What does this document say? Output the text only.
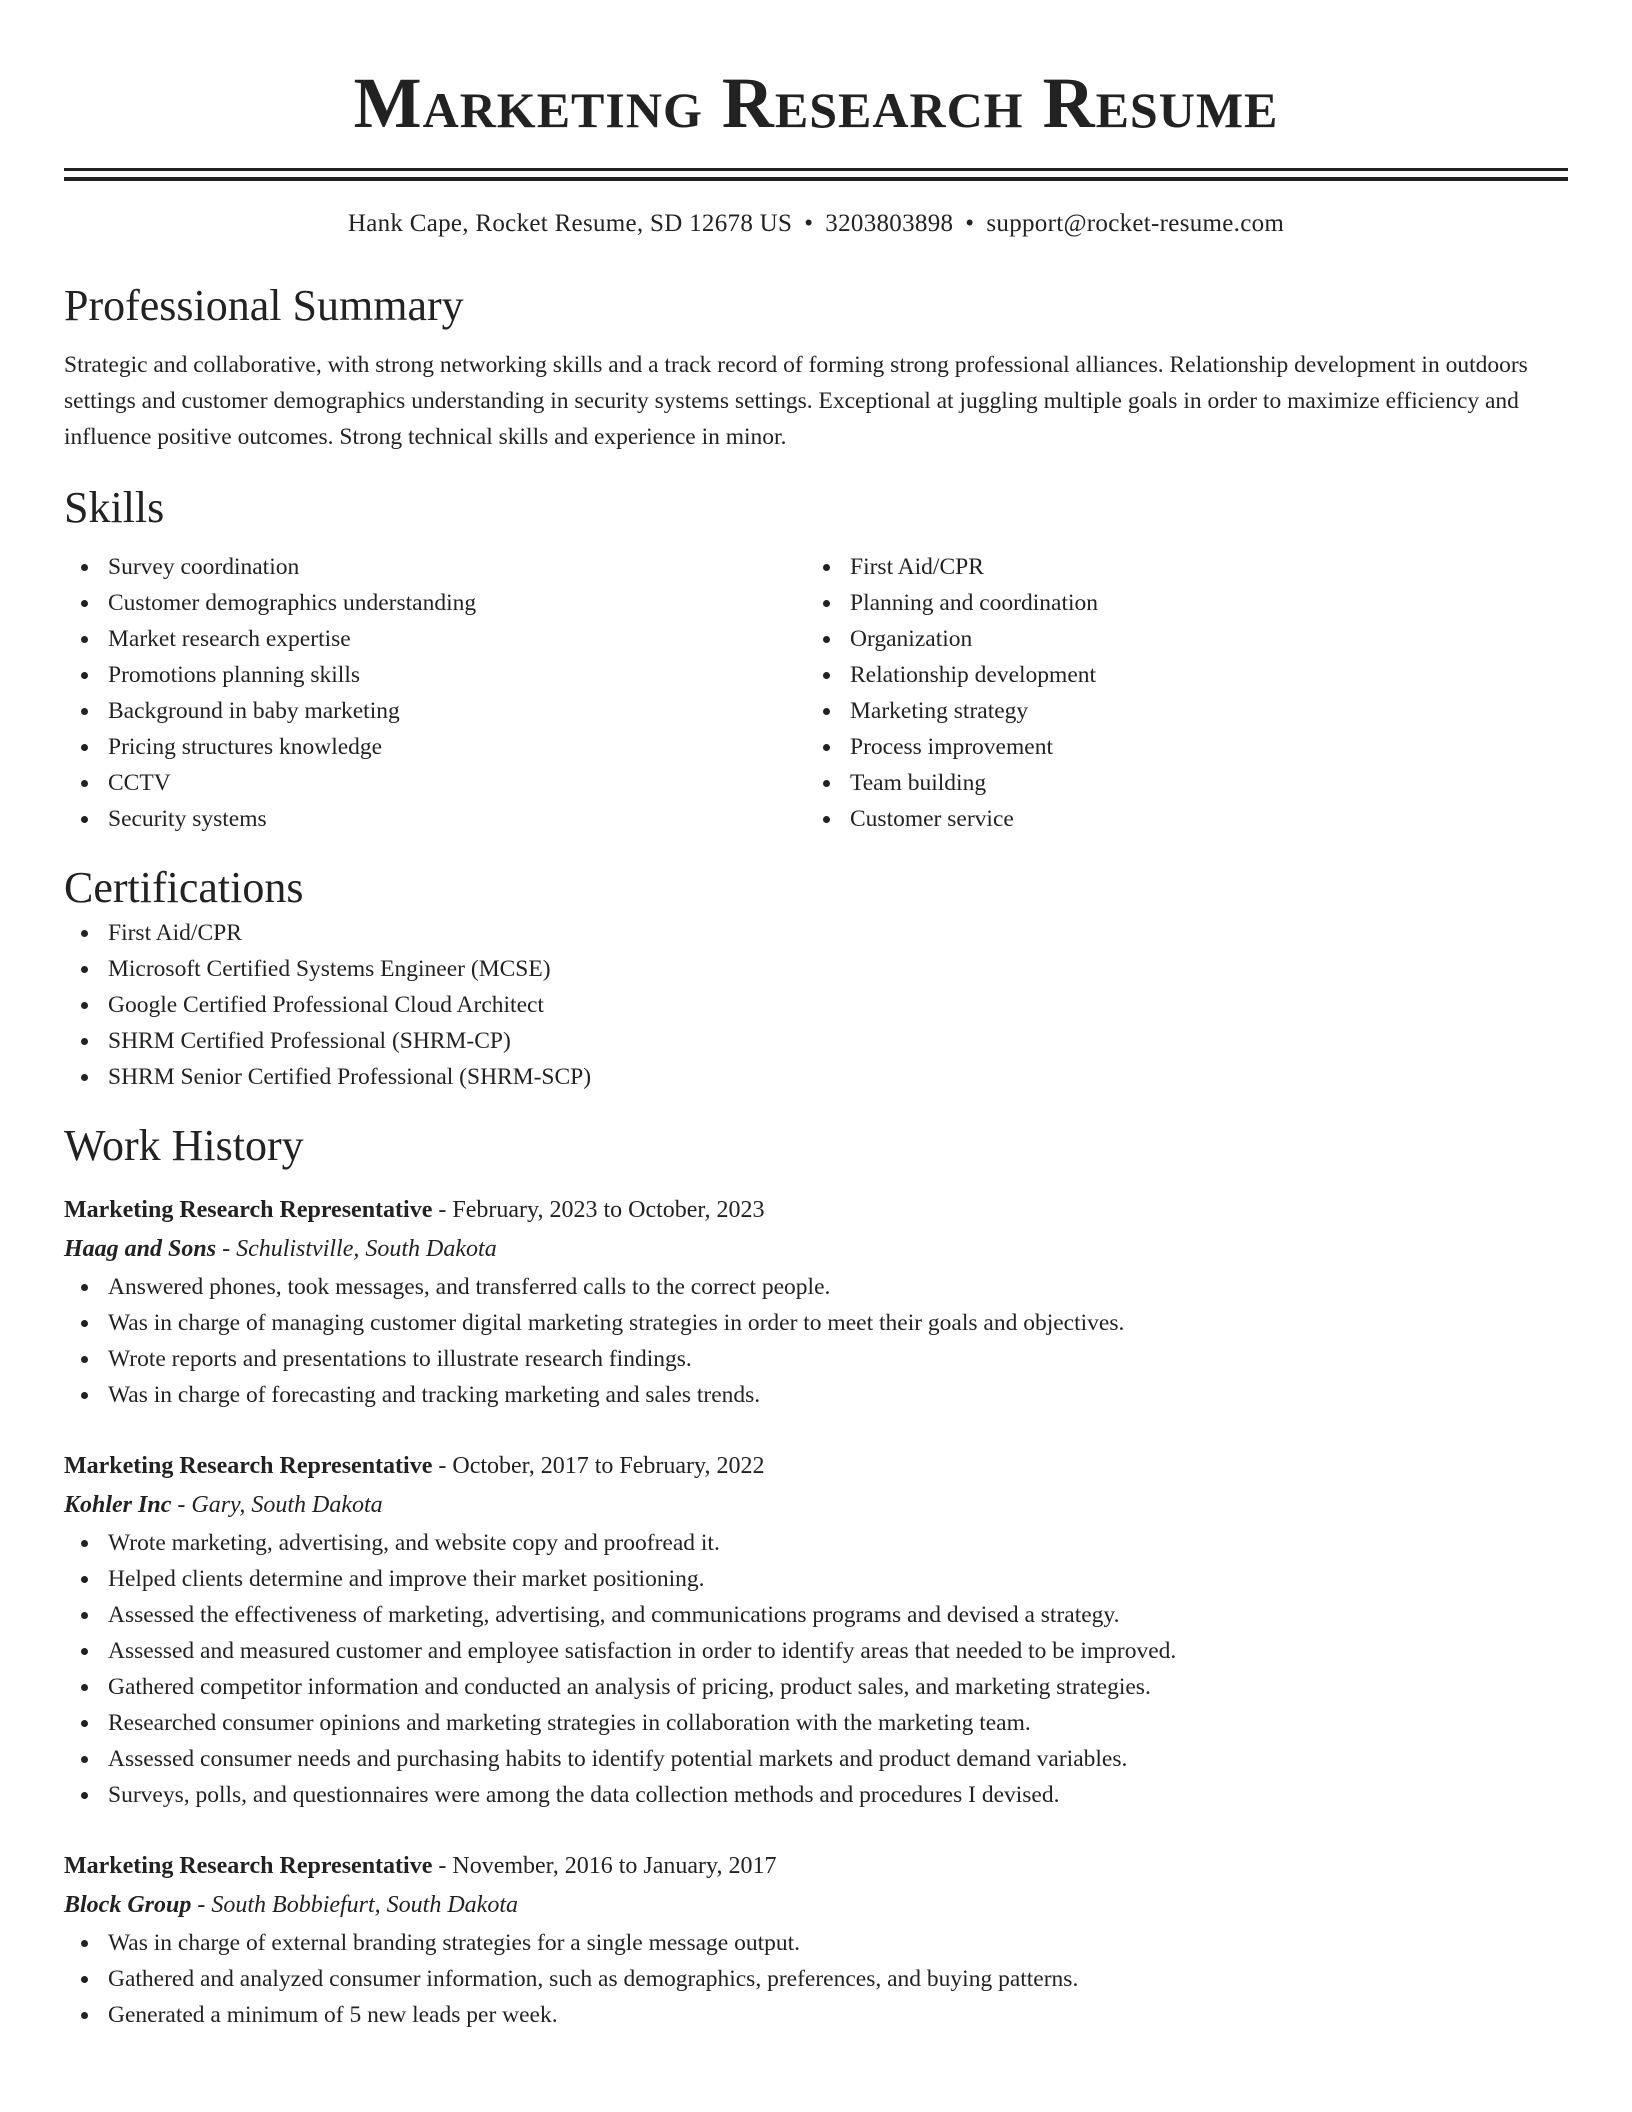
Marketing Research Resume
Hank Cape, Rocket Resume, SD 12678 US • 3203803898 • support@rocket-resume.com
Professional Summary
Strategic and collaborative, with strong networking skills and a track record of forming strong professional alliances. Relationship development in outdoors settings and customer demographics understanding in security systems settings. Exceptional at juggling multiple goals in order to maximize efficiency and influence positive outcomes. Strong technical skills and experience in minor.
Skills
Survey coordination
Customer demographics understanding
Market research expertise
Promotions planning skills
Background in baby marketing
Pricing structures knowledge
CCTV
Security systems
First Aid/CPR
Planning and coordination
Organization
Relationship development
Marketing strategy
Process improvement
Team building
Customer service
Certifications
First Aid/CPR
Microsoft Certified Systems Engineer (MCSE)
Google Certified Professional Cloud Architect
SHRM Certified Professional (SHRM-CP)
SHRM Senior Certified Professional (SHRM-SCP)
Work History
Marketing Research Representative - February, 2023 to October, 2023
Haag and Sons - Schulistville, South Dakota
Answered phones, took messages, and transferred calls to the correct people.
Was in charge of managing customer digital marketing strategies in order to meet their goals and objectives.
Wrote reports and presentations to illustrate research findings.
Was in charge of forecasting and tracking marketing and sales trends.
Marketing Research Representative - October, 2017 to February, 2022
Kohler Inc - Gary, South Dakota
Wrote marketing, advertising, and website copy and proofread it.
Helped clients determine and improve their market positioning.
Assessed the effectiveness of marketing, advertising, and communications programs and devised a strategy.
Assessed and measured customer and employee satisfaction in order to identify areas that needed to be improved.
Gathered competitor information and conducted an analysis of pricing, product sales, and marketing strategies.
Researched consumer opinions and marketing strategies in collaboration with the marketing team.
Assessed consumer needs and purchasing habits to identify potential markets and product demand variables.
Surveys, polls, and questionnaires were among the data collection methods and procedures I devised.
Marketing Research Representative - November, 2016 to January, 2017
Block Group - South Bobbiefurt, South Dakota
Was in charge of external branding strategies for a single message output.
Gathered and analyzed consumer information, such as demographics, preferences, and buying patterns.
Generated a minimum of 5 new leads per week.
